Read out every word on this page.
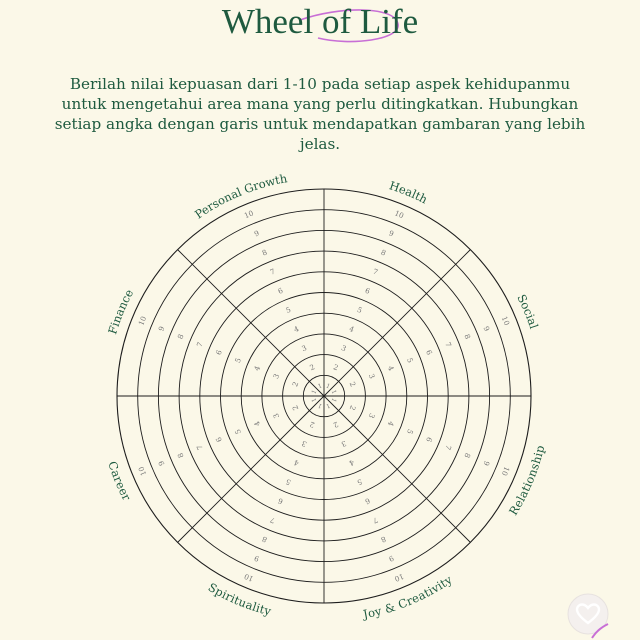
Wheel of Life

Berilah nilai kepuasan dari 1-10 pada setiap aspek kehidupanmu untuk mengetahui area mana yang perlu ditingkatkan. Hubungkan setiap angka dengan garis untuk mendapatkan gambaran yang lebih jelas.

1
2
3
4
5
6
7
8
9
10
Health
1
2
3
4
5
6
7
8
9
10
Social
1
2
3
4
5
6
7
8
9
10
Relationship
1
2
3
4
5
6
7
8
9
10
Joy & Creativity
1
2
3
4
5
6
7
8
9
10
Spirituality
1
2
3
4
5
6
7
8
9
10
Career
1
2
3
4
5
6
7
8
9
10
Finance
1
2
3
4
5
6
7
8
9
10
Personal Growth
